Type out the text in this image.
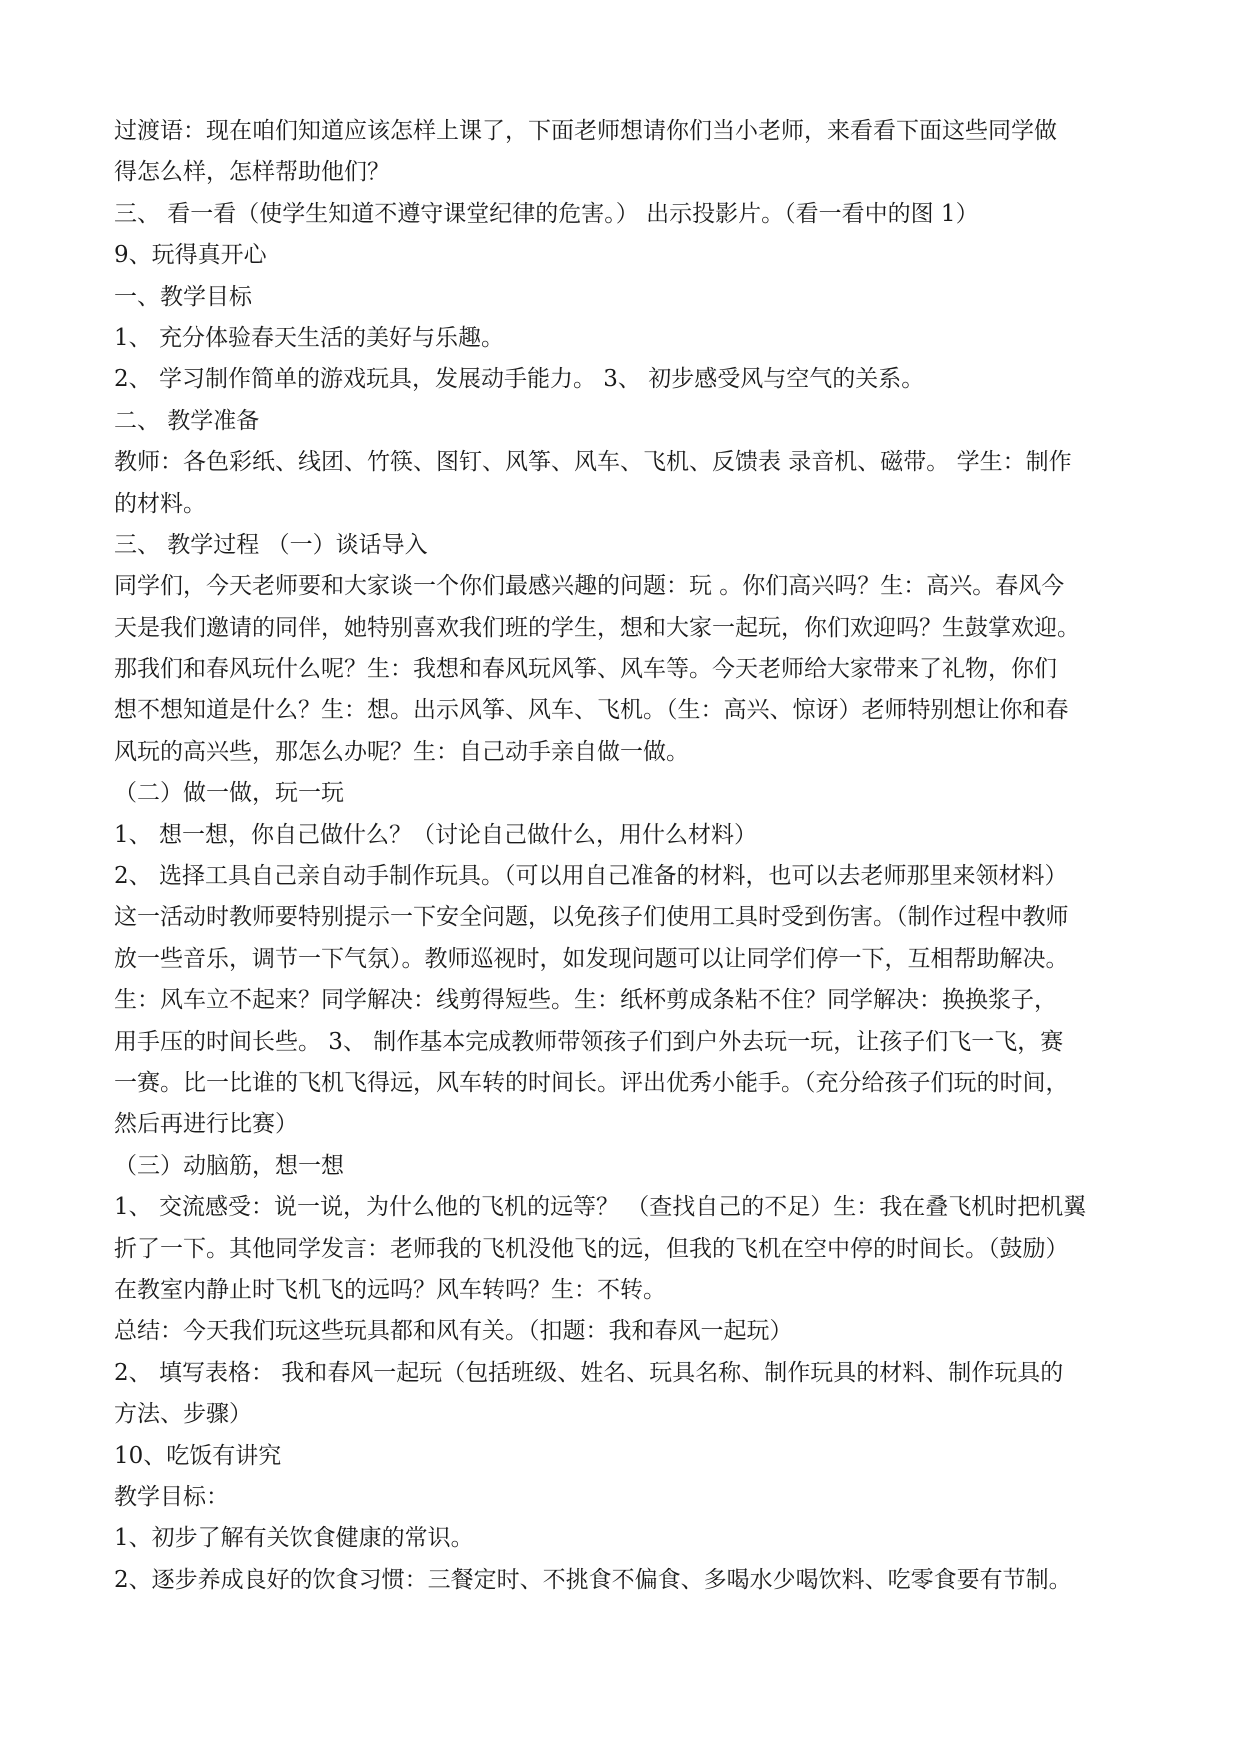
过渡语：现在咱们知道应该怎样上课了，下面老师想请你们当小老师，来看看下面这些同学做
得怎么样，怎样帮助他们？
三、 看一看（使学生知道不遵守课堂纪律的危害。） 出示投影片。（看一看中的图 1）
9、玩得真开心
一、教学目标
1、 充分体验春天生活的美好与乐趣。
2、 学习制作简单的游戏玩具，发展动手能力。 3、 初步感受风与空气的关系。
二、 教学准备
教师：各色彩纸、线团、竹筷、图钉、风筝、风车、飞机、反馈表 录音机、磁带。 学生：制作
的材料。
三、 教学过程 （一）谈话导入
同学们，今天老师要和大家谈一个你们最感兴趣的问题：玩 。你们高兴吗？生：高兴。春风今
天是我们邀请的同伴，她特别喜欢我们班的学生，想和大家一起玩，你们欢迎吗？生鼓掌欢迎。
那我们和春风玩什么呢？生：我想和春风玩风筝、风车等。今天老师给大家带来了礼物，你们
想不想知道是什么？生：想。出示风筝、风车、飞机。（生：高兴、惊讶）老师特别想让你和春
风玩的高兴些，那怎么办呢？生：自己动手亲自做一做。
（二）做一做，玩一玩
1、 想一想，你自己做什么？（讨论自己做什么，用什么材料）
2、 选择工具自己亲自动手制作玩具。（可以用自己准备的材料，也可以去老师那里来领材料）
这一活动时教师要特别提示一下安全问题，以免孩子们使用工具时受到伤害。（制作过程中教师
放一些音乐，调节一下气氛）。教师巡视时，如发现问题可以让同学们停一下，互相帮助解决。
生：风车立不起来？同学解决：线剪得短些。生：纸杯剪成条粘不住？同学解决：换换浆子，
用手压的时间长些。 3、 制作基本完成教师带领孩子们到户外去玩一玩，让孩子们飞一飞，赛
一赛。比一比谁的飞机飞得远，风车转的时间长。评出优秀小能手。（充分给孩子们玩的时间，
然后再进行比赛）
（三）动脑筋，想一想
1、 交流感受：说一说，为什么他的飞机的远等？ （查找自己的不足）生：我在叠飞机时把机翼
折了一下。其他同学发言：老师我的飞机没他飞的远，但我的飞机在空中停的时间长。（鼓励）
在教室内静止时飞机飞的远吗？风车转吗？生：不转。
总结：今天我们玩这些玩具都和风有关。（扣题：我和春风一起玩）
2、 填写表格： 我和春风一起玩（包括班级、姓名、玩具名称、制作玩具的材料、制作玩具的
方法、步骤）
10、吃饭有讲究
教学目标：
1、初步了解有关饮食健康的常识。
2、逐步养成良好的饮食习惯：三餐定时、不挑食不偏食、多喝水少喝饮料、吃零食要有节制。
